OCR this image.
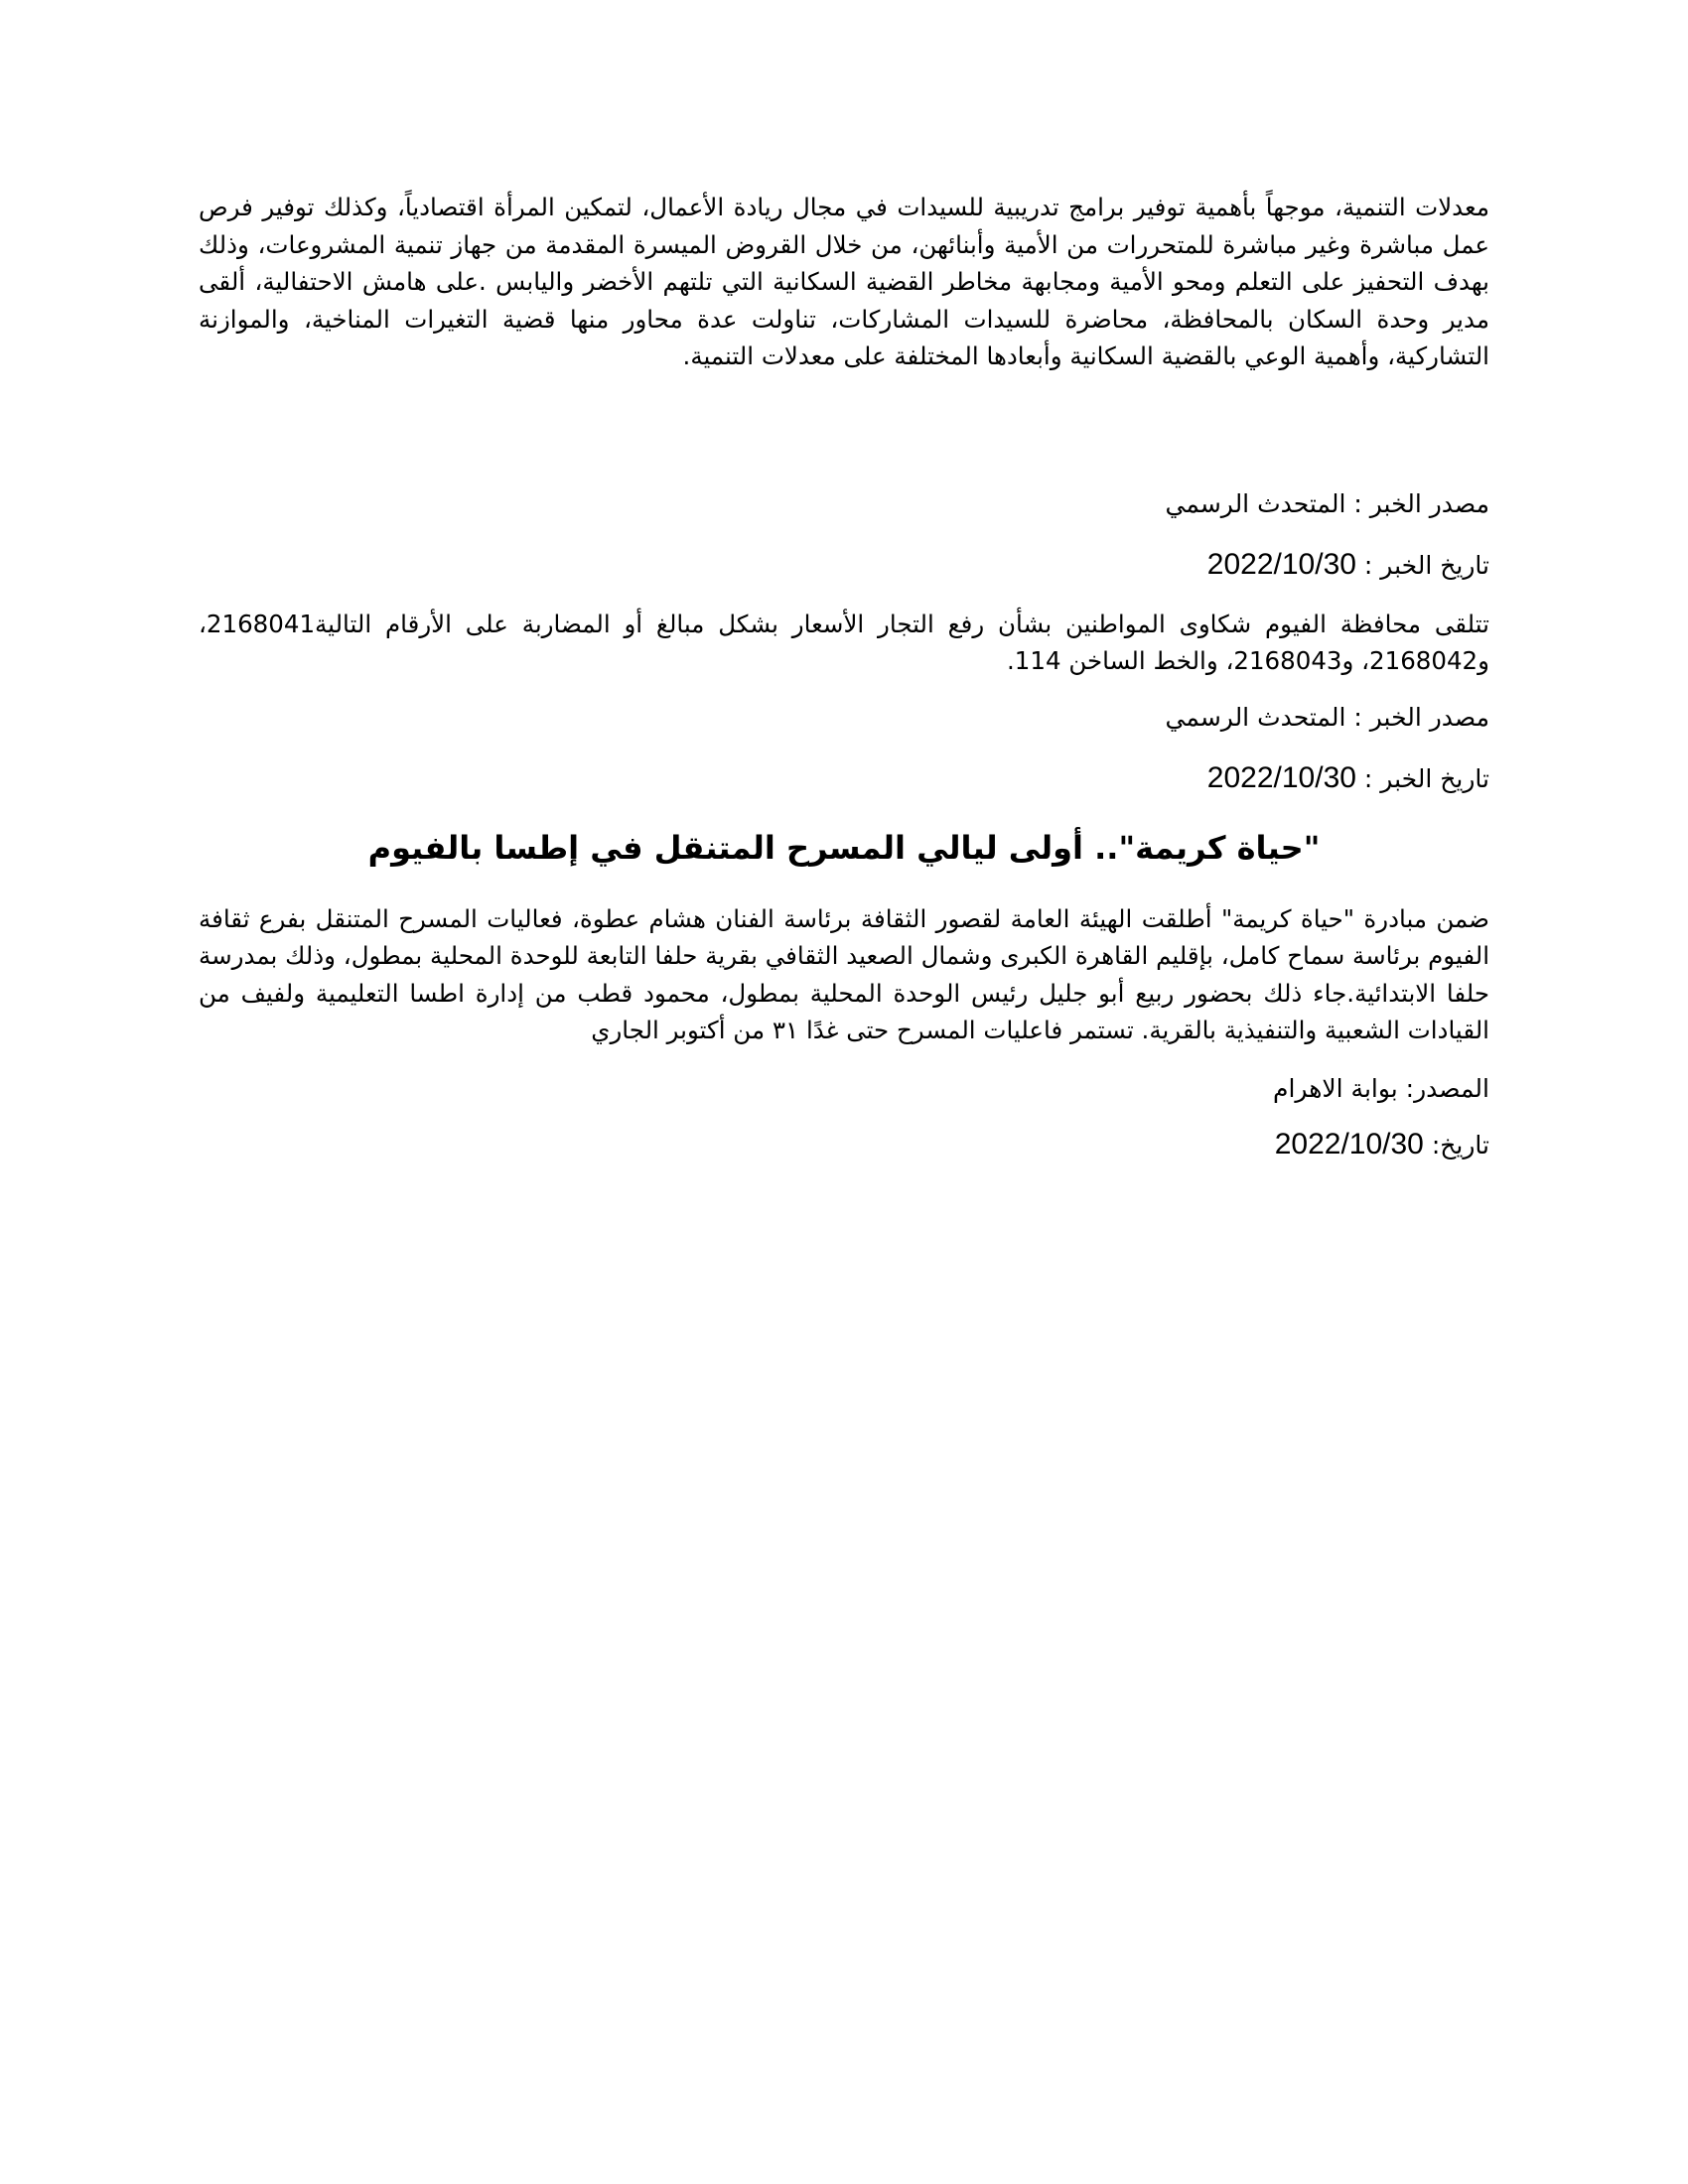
معدلات التنمية، موجهاً بأهمية توفير برامج تدريبية للسيدات في مجال ريادة الأعمال، لتمكين المرأة اقتصادياً، وكذلك توفير فرص عمل مباشرة وغير مباشرة للمتحررات من الأمية وأبنائهن، من خلال القروض الميسرة المقدمة من جهاز تنمية المشروعات، وذلك بهدف التحفيز على التعلم ومحو الأمية ومجابهة مخاطر القضية السكانية التي تلتهم الأخضر واليابس .على هامش الاحتفالية، ألقى مدير وحدة السكان بالمحافظة، محاضرة للسيدات المشاركات، تناولت عدة محاور منها قضية التغيرات المناخية، والموازنة التشاركية، وأهمية الوعي بالقضية السكانية وأبعادها المختلفة على معدلات التنمية.

مصدر الخبر : المتحدث الرسمي

تاريخ الخبر : 2022/10/30

تتلقى محافظة الفيوم شكاوى المواطنين بشأن رفع التجار الأسعار بشكل مبالغ أو المضاربة على الأرقام التالية2168041، و2168042، و2168043، والخط الساخن 114.

مصدر الخبر : المتحدث الرسمي

تاريخ الخبر : 2022/10/30

"حياة كريمة".. أولى ليالي المسرح المتنقل في إطسا بالفيوم

ضمن مبادرة "حياة كريمة" أطلقت الهيئة العامة لقصور الثقافة برئاسة الفنان هشام عطوة، فعاليات المسرح المتنقل بفرع ثقافة الفيوم برئاسة سماح كامل، بإقليم القاهرة الكبرى وشمال الصعيد الثقافي بقرية حلفا التابعة للوحدة المحلية بمطول، وذلك بمدرسة حلفا الابتدائية.جاء ذلك بحضور ربيع أبو جليل رئيس الوحدة المحلية بمطول، محمود قطب من إدارة اطسا التعليمية ولفيف من القيادات الشعبية والتنفيذية بالقرية. تستمر فاعليات المسرح حتى غدًا ٣١ من أكتوبر الجاري

المصدر: بوابة الاهرام

تاريخ: 2022/10/30
